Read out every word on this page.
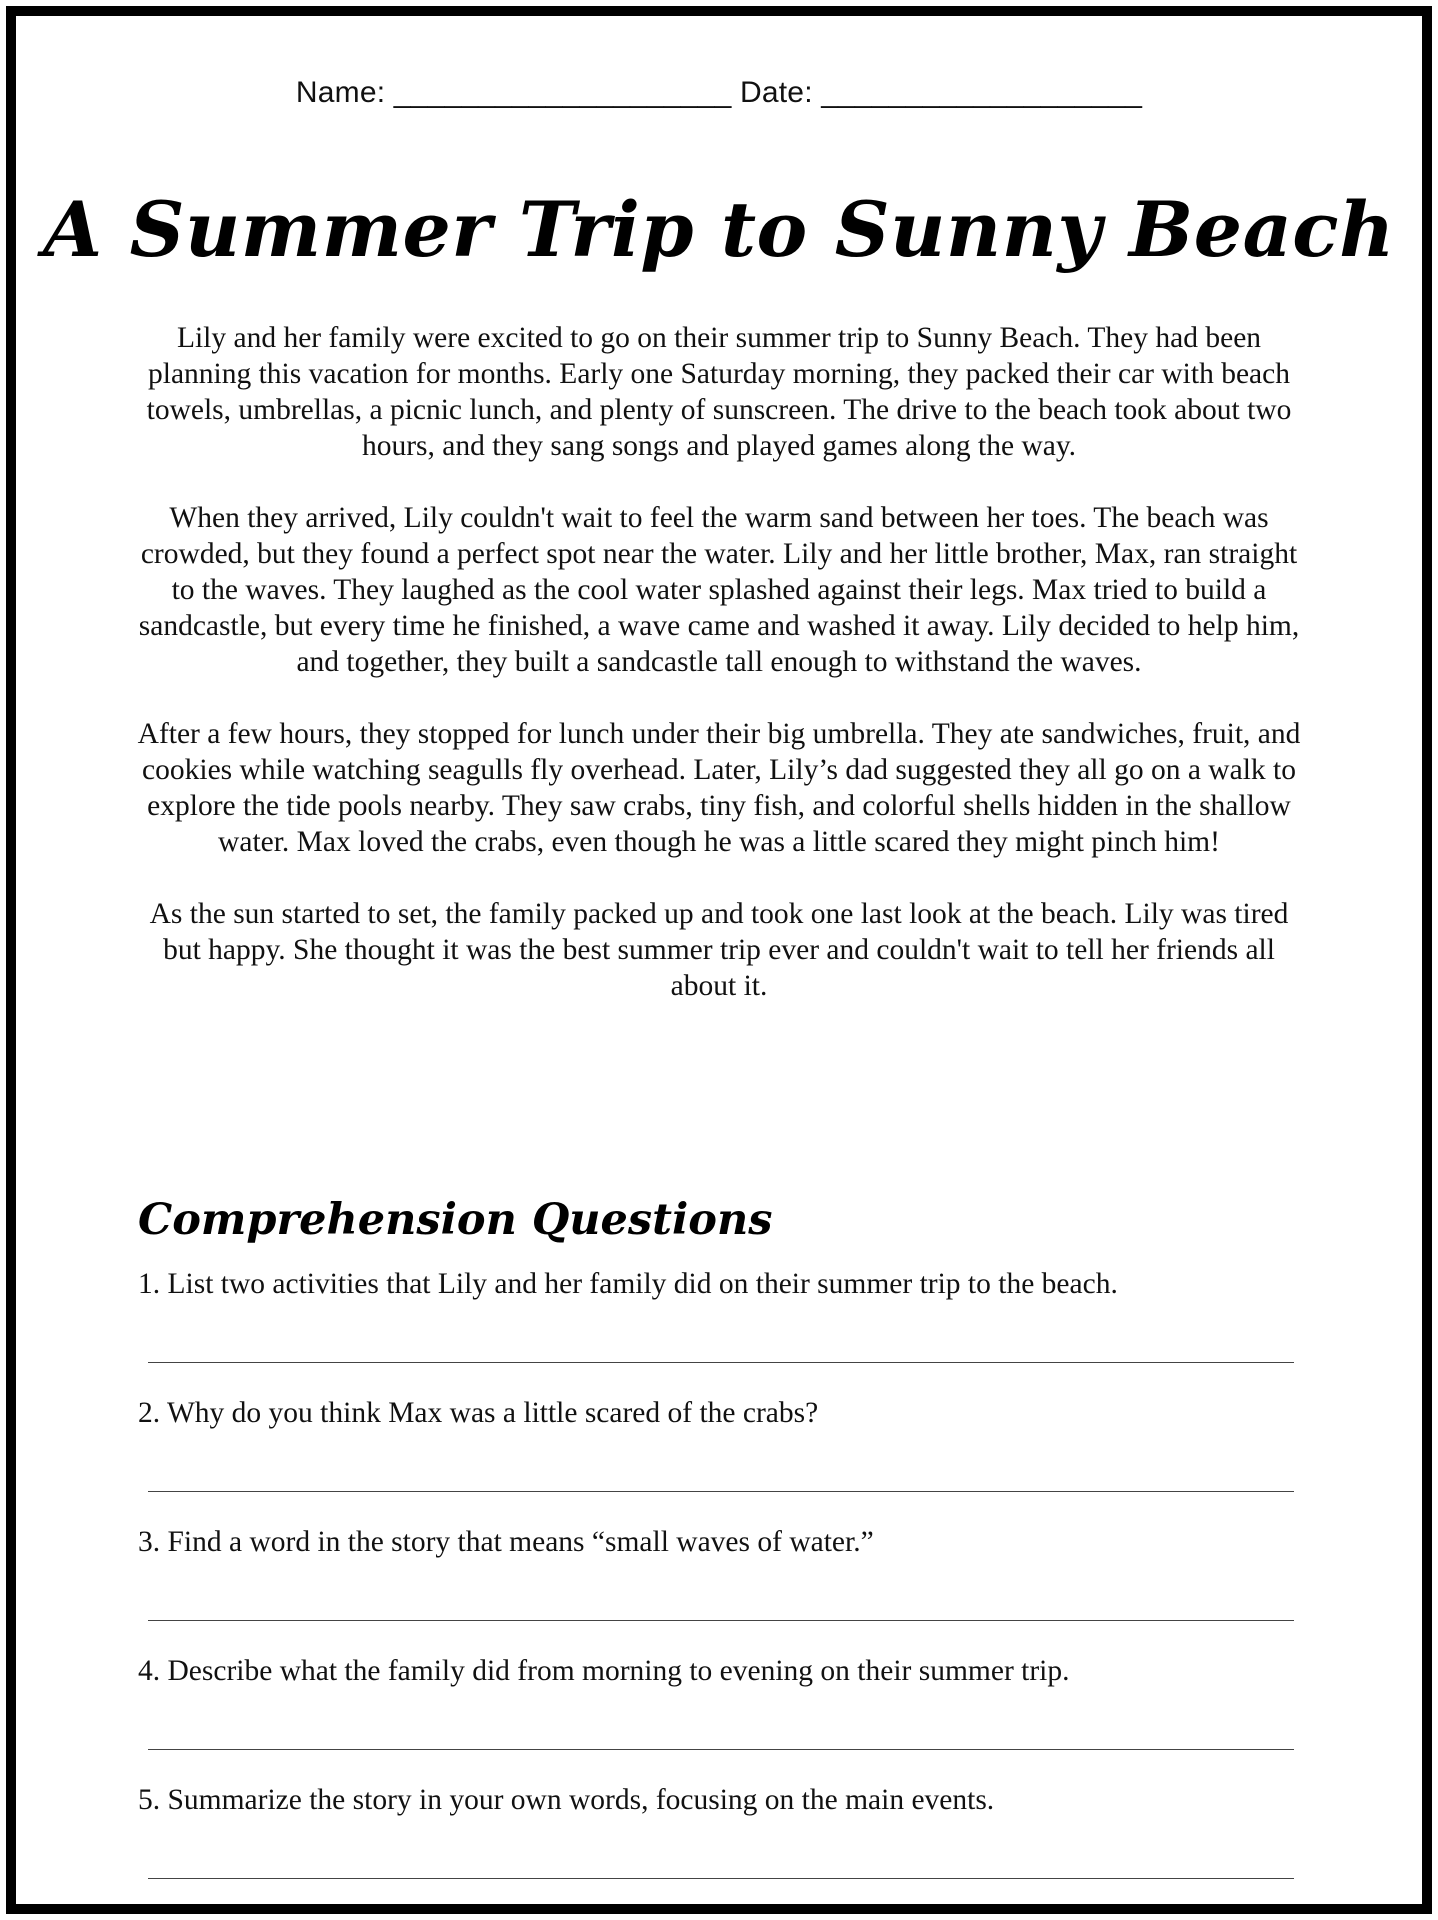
Name: ____________________ Date: ___________________
A Summer Trip to Sunny Beach

Lily and her family were excited to go on their summer trip to Sunny Beach. They had been planning this vacation for months. Early one Saturday morning, they packed their car with beach towels, umbrellas, a picnic lunch, and plenty of sunscreen. The drive to the beach took about two hours, and they sang songs and played games along the way.

When they arrived, Lily couldn't wait to feel the warm sand between her toes. The beach was crowded, but they found a perfect spot near the water. Lily and her little brother, Max, ran straight to the waves. They laughed as the cool water splashed against their legs. Max tried to build a sandcastle, but every time he finished, a wave came and washed it away. Lily decided to help him, and together, they built a sandcastle tall enough to withstand the waves.

After a few hours, they stopped for lunch under their big umbrella. They ate sandwiches, fruit, and cookies while watching seagulls fly overhead. Later, Lily’s dad suggested they all go on a walk to explore the tide pools nearby. They saw crabs, tiny fish, and colorful shells hidden in the shallow water. Max loved the crabs, even though he was a little scared they might pinch him!

As the sun started to set, the family packed up and took one last look at the beach. Lily was tired but happy. She thought it was the best summer trip ever and couldn't wait to tell her friends all about it.

Comprehension Questions
1. List two activities that Lily and her family did on their summer trip to the beach.
2. Why do you think Max was a little scared of the crabs?
3. Find a word in the story that means “small waves of water.”
4. Describe what the family did from morning to evening on their summer trip.
5. Summarize the story in your own words, focusing on the main events.
